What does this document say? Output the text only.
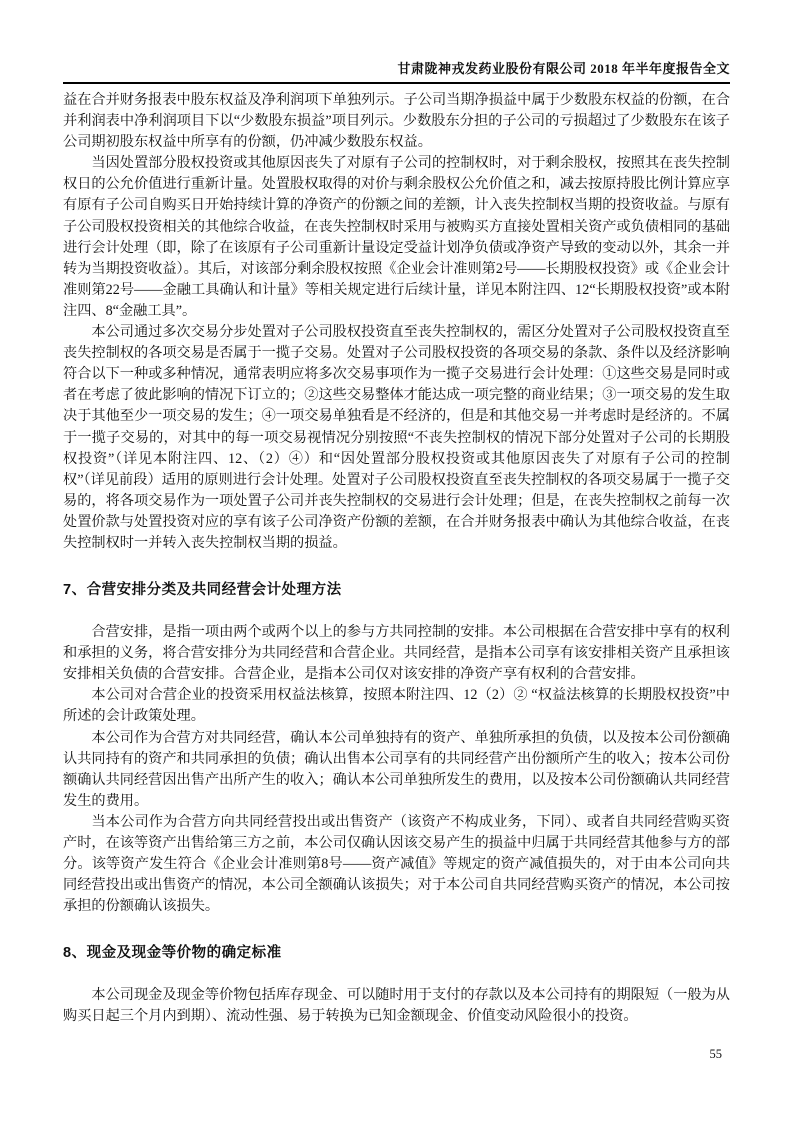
甘肃陇神戎发药业股份有限公司 2018 年半年度报告全文

益在合并财务报表中股东权益及净利润项下单独列示。子公司当期净损益中属于少数股东权益的份额，在合并利润表中净利润项目下以“少数股东损益”项目列示。少数股东分担的子公司的亏损超过了少数股东在该子公司期初股东权益中所享有的份额，仍冲减少数股东权益。

当因处置部分股权投资或其他原因丧失了对原有子公司的控制权时，对于剩余股权，按照其在丧失控制权日的公允价值进行重新计量。处置股权取得的对价与剩余股权公允价值之和，减去按原持股比例计算应享有原有子公司自购买日开始持续计算的净资产的份额之间的差额，计入丧失控制权当期的投资收益。与原有子公司股权投资相关的其他综合收益，在丧失控制权时采用与被购买方直接处置相关资产或负债相同的基础进行会计处理（即，除了在该原有子公司重新计量设定受益计划净负债或净资产导致的变动以外，其余一并转为当期投资收益）。其后，对该部分剩余股权按照《企业会计准则第2号——长期股权投资》或《企业会计准则第22号——金融工具确认和计量》等相关规定进行后续计量，详见本附注四、12“长期股权投资”或本附注四、8“金融工具”。

本公司通过多次交易分步处置对子公司股权投资直至丧失控制权的，需区分处置对子公司股权投资直至丧失控制权的各项交易是否属于一揽子交易。处置对子公司股权投资的各项交易的条款、条件以及经济影响符合以下一种或多种情况，通常表明应将多次交易事项作为一揽子交易进行会计处理：①这些交易是同时或者在考虑了彼此影响的情况下订立的；②这些交易整体才能达成一项完整的商业结果；③一项交易的发生取决于其他至少一项交易的发生；④一项交易单独看是不经济的，但是和其他交易一并考虑时是经济的。不属于一揽子交易的，对其中的每一项交易视情况分别按照“不丧失控制权的情况下部分处置对子公司的长期股权投资”（详见本附注四、12、（2）④）和“因处置部分股权投资或其他原因丧失了对原有子公司的控制权”（详见前段）适用的原则进行会计处理。处置对子公司股权投资直至丧失控制权的各项交易属于一揽子交易的，将各项交易作为一项处置子公司并丧失控制权的交易进行会计处理；但是，在丧失控制权之前每一次处置价款与处置投资对应的享有该子公司净资产份额的差额，在合并财务报表中确认为其他综合收益，在丧失控制权时一并转入丧失控制权当期的损益。

7、合营安排分类及共同经营会计处理方法

合营安排，是指一项由两个或两个以上的参与方共同控制的安排。本公司根据在合营安排中享有的权利和承担的义务，将合营安排分为共同经营和合营企业。共同经营，是指本公司享有该安排相关资产且承担该安排相关负债的合营安排。合营企业，是指本公司仅对该安排的净资产享有权利的合营安排。

本公司对合营企业的投资采用权益法核算，按照本附注四、12（2）② “权益法核算的长期股权投资”中所述的会计政策处理。

本公司作为合营方对共同经营，确认本公司单独持有的资产、单独所承担的负债，以及按本公司份额确认共同持有的资产和共同承担的负债；确认出售本公司享有的共同经营产出份额所产生的收入；按本公司份额确认共同经营因出售产出所产生的收入；确认本公司单独所发生的费用，以及按本公司份额确认共同经营发生的费用。

当本公司作为合营方向共同经营投出或出售资产（该资产不构成业务，下同）、或者自共同经营购买资产时，在该等资产出售给第三方之前，本公司仅确认因该交易产生的损益中归属于共同经营其他参与方的部分。该等资产发生符合《企业会计准则第8号——资产减值》等规定的资产减值损失的，对于由本公司向共同经营投出或出售资产的情况，本公司全额确认该损失；对于本公司自共同经营购买资产的情况，本公司按承担的份额确认该损失。

8、现金及现金等价物的确定标准

本公司现金及现金等价物包括库存现金、可以随时用于支付的存款以及本公司持有的期限短（一般为从购买日起三个月内到期）、流动性强、易于转换为已知金额现金、价值变动风险很小的投资。

55
